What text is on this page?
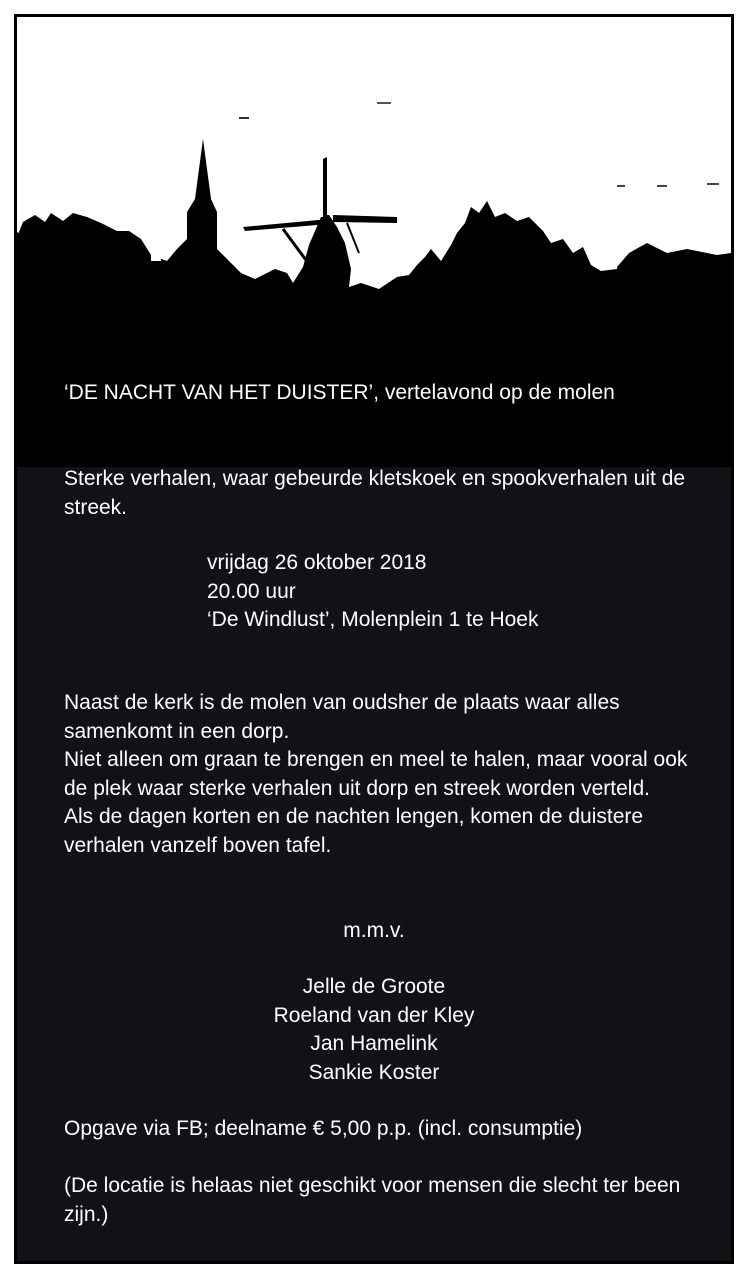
‘DE NACHT VAN HET DUISTER’, vertelavond op de molen
Sterke verhalen, waar gebeurde kletskoek en spookverhalen uit de streek.
vrijdag 26 oktober 2018
20.00 uur
‘De Windlust’, Molenplein 1 te Hoek
Naast de kerk is de molen van oudsher de plaats waar alles samenkomt in een dorp.
Niet alleen om graan te brengen en meel te halen, maar vooral ook de plek waar sterke verhalen uit dorp en streek worden verteld.
Als de dagen korten en de nachten lengen, komen de duistere verhalen vanzelf boven tafel.
m.m.v.
Jelle de Groote
Roeland van der Kley
Jan Hamelink
Sankie Koster
Opgave via FB; deelname € 5,00 p.p. (incl. consumptie)
(De locatie is helaas niet geschikt voor mensen die slecht ter been zijn.)
